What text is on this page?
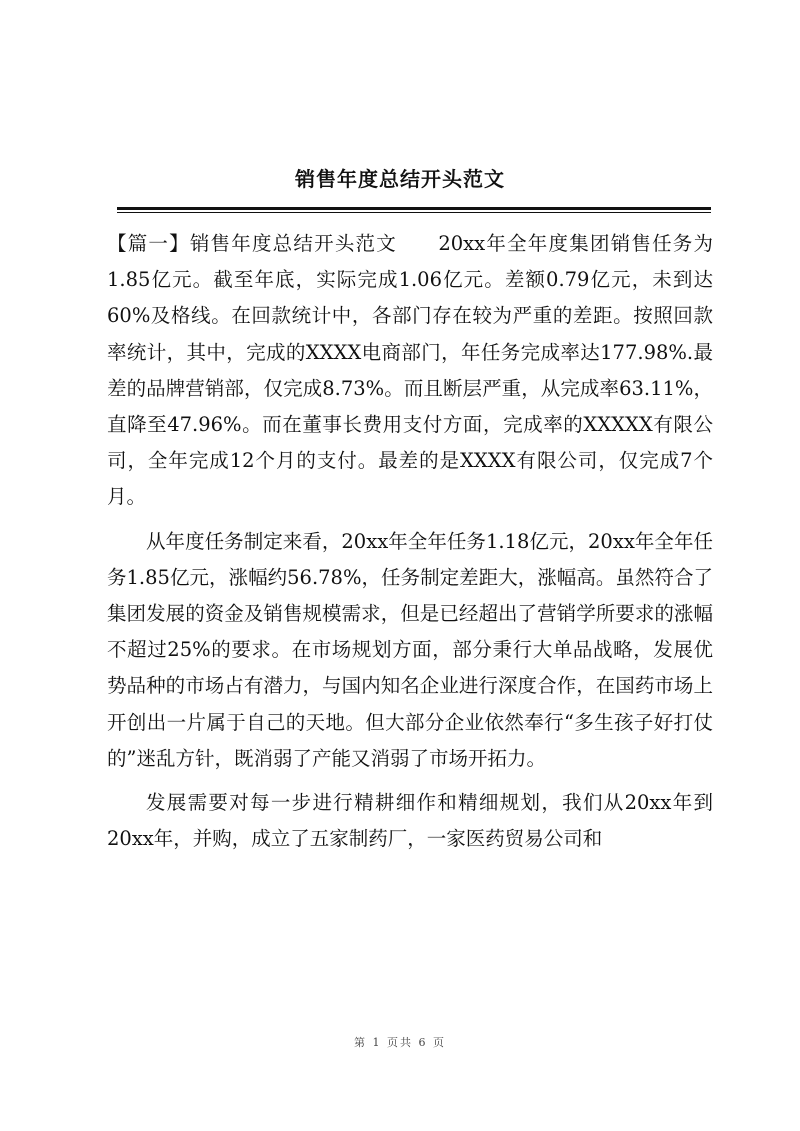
销售年度总结开头范文

【篇一】销售年度总结开头范文　　20xx年全年度集团销售任务为1.85亿元。截至年底，实际完成1.06亿元。差额0.79亿元，未到达60%及格线。在回款统计中，各部门存在较为严重的差距。按照回款率统计，其中，完成的XXXX电商部门，年任务完成率达177.98%.最差的品牌营销部，仅完成8.73%。而且断层严重，从完成率63.11%，直降至47.96%。而在董事长费用支付方面，完成率的XXXXX有限公司，全年完成12个月的支付。最差的是XXXX有限公司，仅完成7个月。

从年度任务制定来看，20xx年全年任务1.18亿元，20xx年全年任务1.85亿元，涨幅约56.78%，任务制定差距大，涨幅高。虽然符合了集团发展的资金及销售规模需求，但是已经超出了营销学所要求的涨幅不超过25%的要求。在市场规划方面，部分秉行大单品战略，发展优势品种的市场占有潜力，与国内知名企业进行深度合作，在国药市场上开创出一片属于自己的天地。但大部分企业依然奉行“多生孩子好打仗的”迷乱方针，既消弱了产能又消弱了市场开拓力。

发展需要对每一步进行精耕细作和精细规划，我们从20xx年到20xx年，并购，成立了五家制药厂，一家医药贸易公司和

第 1 页共 6 页
